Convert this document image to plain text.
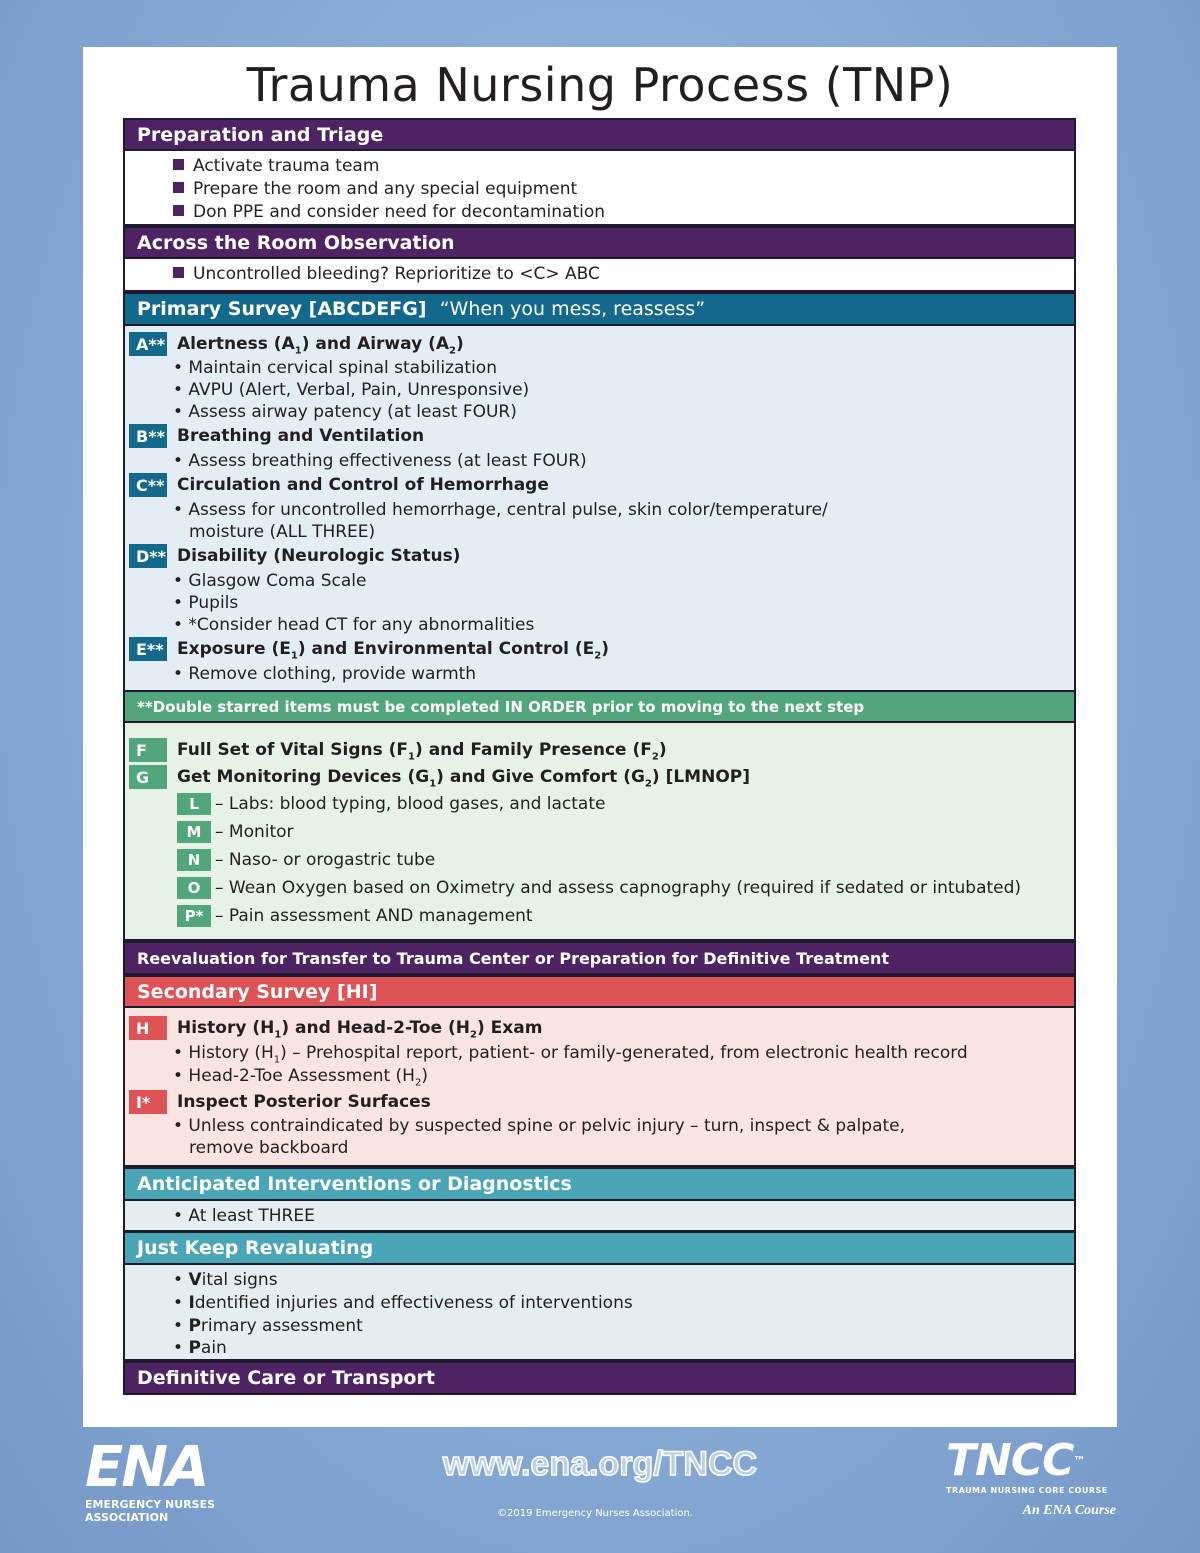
Trauma Nursing Process (TNP)
Preparation and Triage
Activate trauma team
Prepare the room and any special equipment
Don PPE and consider need for decontamination
Across the Room Observation
Uncontrolled bleeding? Reprioritize to <C> ABC
Primary Survey [ABCDEFG]
“When you mess, reassess”
A** Alertness $(A_1)$ and Airway $(A_2)$
• Maintain cervical spinal stabilization
• AVPU (Alert, Verbal, Pain, Unresponsive)
• Assess airway patency (at least FOUR)
B** Breathing and Ventilation
• Assess breathing effectiveness (at least FOUR)
C** Circulation and Control of Hemorrhage
• Assess for uncontrolled hemorrhage, central pulse, skin color/temperature/
moisture (ALL THREE)
D** Disability (Neurologic Status)
• Glasgow Coma Scale
• Pupils
• *Consider head CT for any abnormalities
E** Exposure $(E_1)$ and Environmental Control $(E_2)$
• Remove clothing, provide warmth
**Double starred items must be completed IN ORDER prior to moving to the next step
F	Full Set of Vital Signs $(F_1)$ and Family Presence $(F_2)$
G	Get Monitoring Devices $(G_1)$ and Give Comfort $(G_2)$ [LMNOP]
L – Labs: blood typing, blood gases, and lactate
M – Monitor
N – Naso- or orogastric tube
O – Wean Oxygen based on Oximetry and assess capnography (required if sedated or intubated)
P* – Pain assessment AND management
Reevaluation for Transfer to Trauma Center or Preparation for Definitive Treatment
Secondary Survey [HI]
H	History $(H_1)$ and Head-2-Toe $(H_2)$ Exam
• History $(H_1)$ – Prehospital report, patient- or family-generated, from electronic health record
• Head-2-Toe Assessment $(H_2)$
I*	Inspect Posterior Surfaces
• Unless contraindicated by suspected spine or pelvic injury – turn, inspect & palpate,
remove backboard
Anticipated Interventions or Diagnostics
• At least THREE
Just Keep Revaluating
• Vital signs
• Identified injuries and effectiveness of interventions
• Primary assessment
• Pain
Definitive Care or Transport
ENA
EMERGENCY NURSES
ASSOCIATION
www.ena.org/TNCC
©2019 Emergency Nurses Association.
TNCC™
TRAUMA NURSING CORE COURSE
An ENA Course
